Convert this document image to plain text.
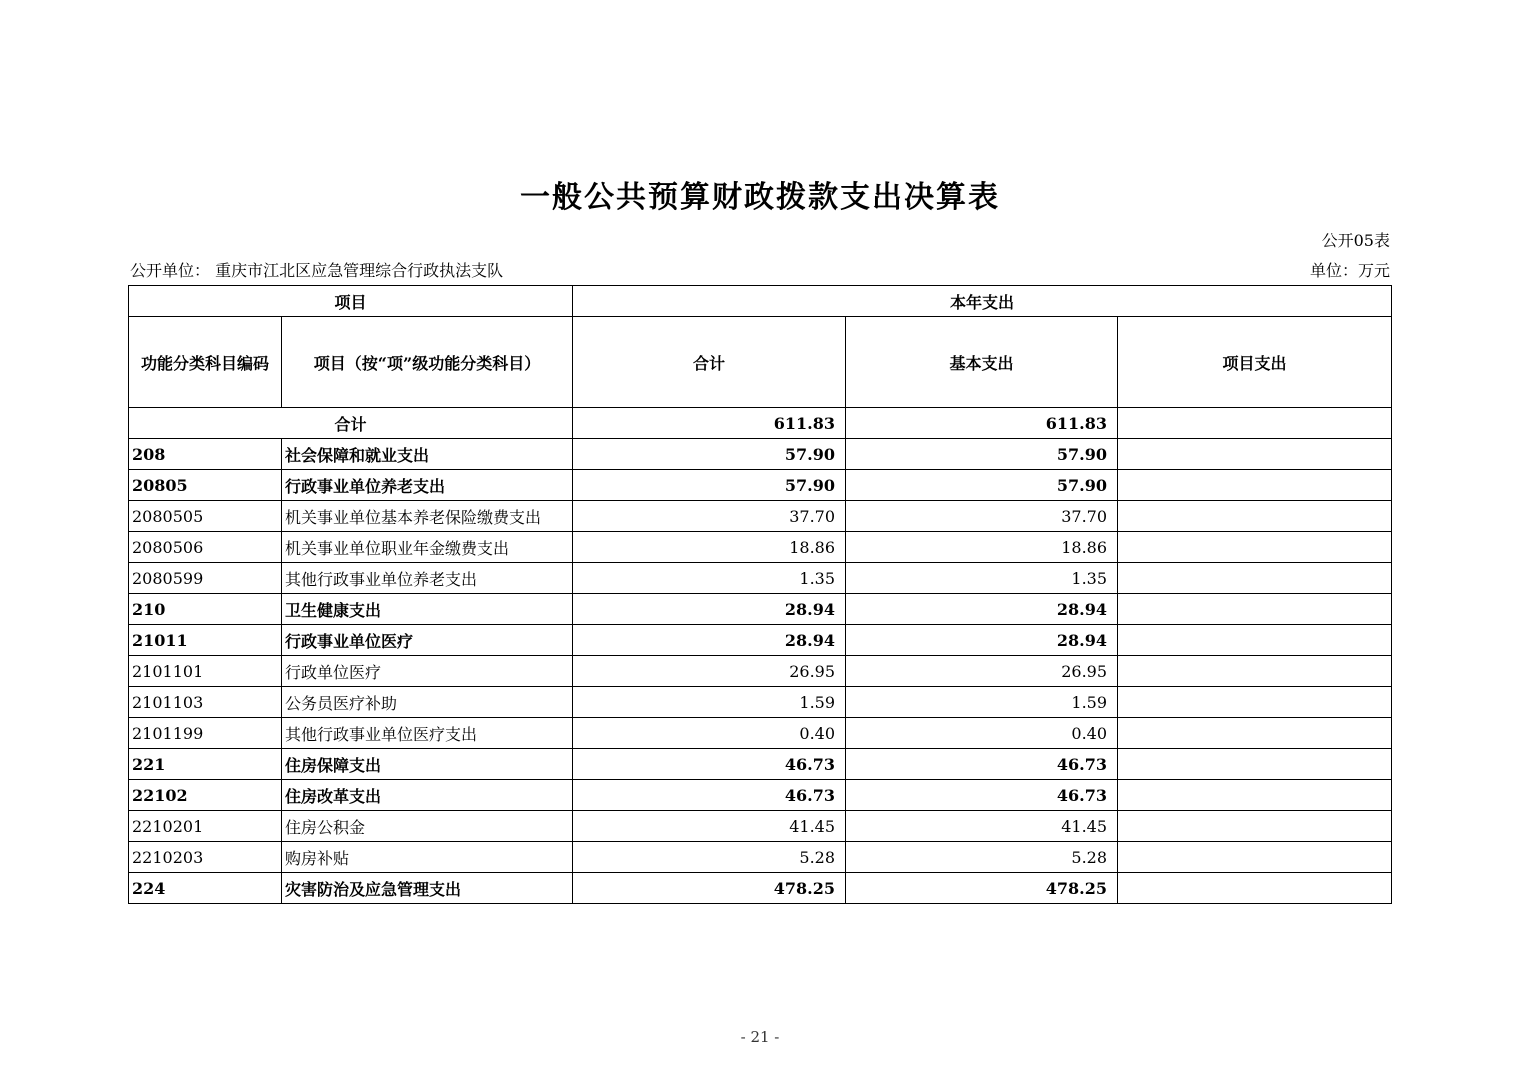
一般公共预算财政拨款支出决算表
公开05表
公开单位： 重庆市江北区应急管理综合行政执法支队	单位：万元
项目		本年支出		
功能分类科目编码	项目（按“项”级功能分类科目）	合计	基本支出	项目支出
合计		611.83	611.83	
208	社会保障和就业支出	57.90	57.90	
20805	行政事业单位养老支出	57.90	57.90	
2080505	机关事业单位基本养老保险缴费支出	37.70	37.70	
2080506	机关事业单位职业年金缴费支出	18.86	18.86	
2080599	其他行政事业单位养老支出	1.35	1.35	
210	卫生健康支出	28.94	28.94	
21011	行政事业单位医疗	28.94	28.94	
2101101	行政单位医疗	26.95	26.95	
2101103	公务员医疗补助	1.59	1.59	
2101199	其他行政事业单位医疗支出	0.40	0.40	
221	住房保障支出	46.73	46.73	
22102	住房改革支出	46.73	46.73	
2210201	住房公积金	41.45	41.45	
2210203	购房补贴	5.28	5.28	
224	灾害防治及应急管理支出	478.25	478.25	
- 21 -
